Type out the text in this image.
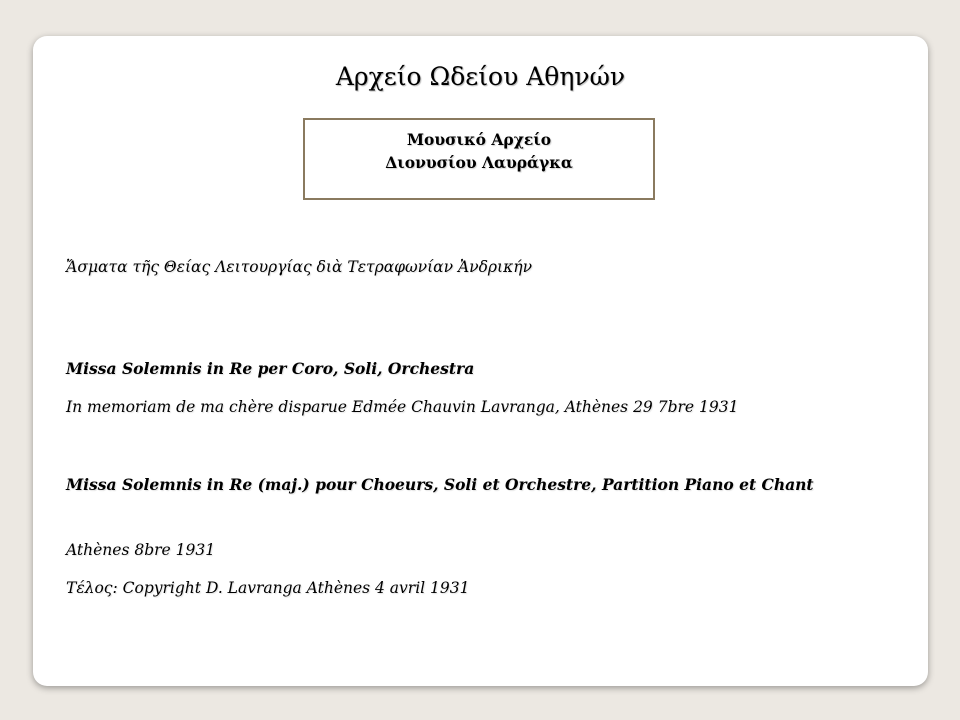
Αρχείο Ωδείου Αθηνών
Μουσικό Αρχείο
Διονυσίου Λαυράγκα

Ἄσματα τῆς Θείας Λειτουργίας διὰ Τετραφωνίαν Ἀνδρικήν

Missa Solemnis in Re per Coro, Soli, Orchestra

In memoriam de ma chère disparue Edmée Chauvin Lavranga, Athènes 29 7bre 1931

Missa Solemnis in Re (maj.) pour Choeurs, Soli et Orchestre, Partition Piano et Chant

Athènes 8bre 1931

Τέλος: Copyright D. Lavranga Athènes 4 avril 1931
